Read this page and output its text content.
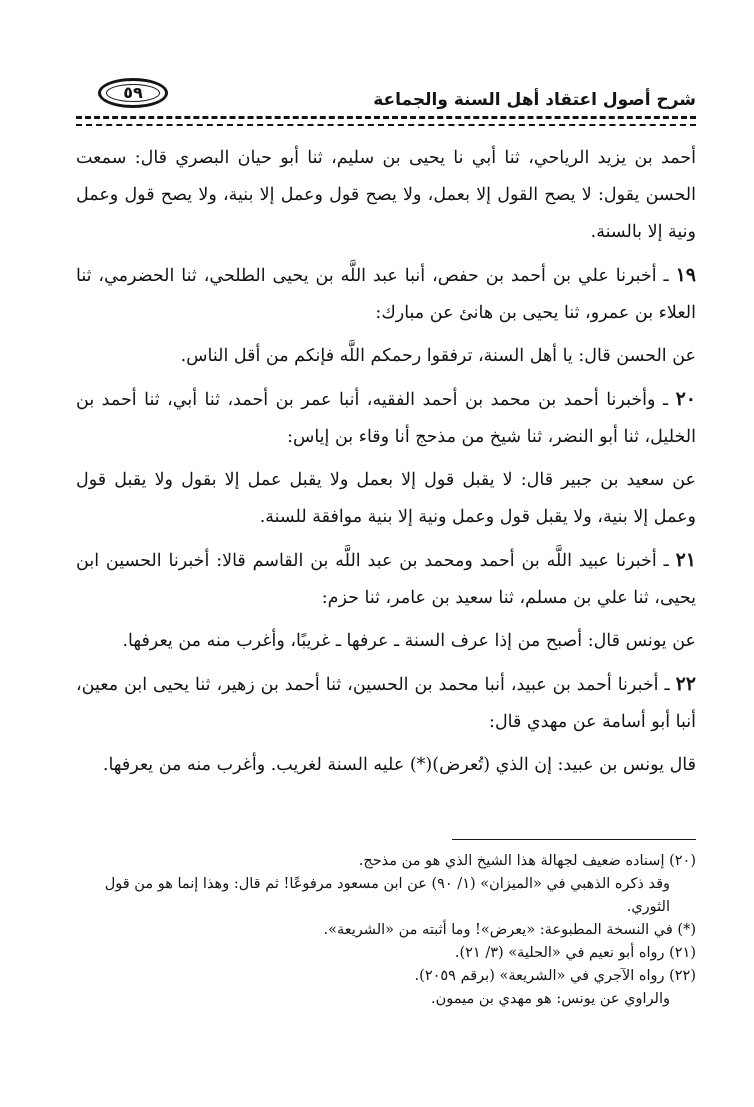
٥٩	شرح أصول اعتقاد أهل السنة والجماعة

أحمد بن يزيد الرياحي، ثنا أبي نا يحيى بن سليم، ثنا أبو حيان البصري قال: سمعت الحسن يقول: لا يصح القول إلا بعمل، ولا يصح قول وعمل إلا بنية، ولا يصح قول وعمل ونية إلا بالسنة.

١٩ ـ أخبرنا علي بن أحمد بن حفص، أنبا عبد اللَّه بن يحيى الطلحي، ثنا الحضرمي، ثنا العلاء بن عمرو، ثنا يحيى بن هانئ عن مبارك:

عن الحسن قال: يا أهل السنة، ترفقوا رحمكم اللَّه فإنكم من أقل الناس.

٢٠ ـ وأخبرنا أحمد بن محمد بن أحمد الفقيه، أنبا عمر بن أحمد، ثنا أبي، ثنا أحمد بن الخليل، ثنا أبو النضر، ثنا شيخ من مذحج أنا وقاء بن إياس:

عن سعيد بن جبير قال: لا يقبل قول إلا بعمل ولا يقبل عمل إلا بقول ولا يقبل قول وعمل إلا بنية، ولا يقبل قول وعمل ونية إلا بنية موافقة للسنة.

٢١ ـ أخبرنا عبيد اللَّه بن أحمد ومحمد بن عبد اللَّه بن القاسم قالا: أخبرنا الحسين ابن يحيى، ثنا علي بن مسلم، ثنا سعيد بن عامر، ثنا حزم:

عن يونس قال: أصبح من إذا عرف السنة ـ عرفها ـ غريبًا، وأغرب منه من يعرفها.

٢٢ ـ أخبرنا أحمد بن عبيد، أنبا محمد بن الحسين، ثنا أحمد بن زهير، ثنا يحيى ابن معين، أنبا أبو أسامة عن مهدي قال:

قال يونس بن عبيد: إن الذي (تُعرض)(*) عليه السنة لغريب. وأغرب منه من يعرفها.

(٢٠) إسناده ضعيف لجهالة هذا الشيخ الذي هو من مذحج.

وقد ذكره الذهبي في «الميزان» (١/ ٩٠) عن ابن مسعود مرفوعًا! ثم قال: وهذا إنما هو من قول الثوري.

(*) في النسخة المطبوعة: «يعرض»! وما أثبته من «الشريعة».

(٢١) رواه أبو نعيم في «الحلية» (٣/ ٢١).

(٢٢) رواه الآجري في «الشريعة» (برقم ٢٠٥٩).

والراوي عن يونس: هو مهدي بن ميمون.
